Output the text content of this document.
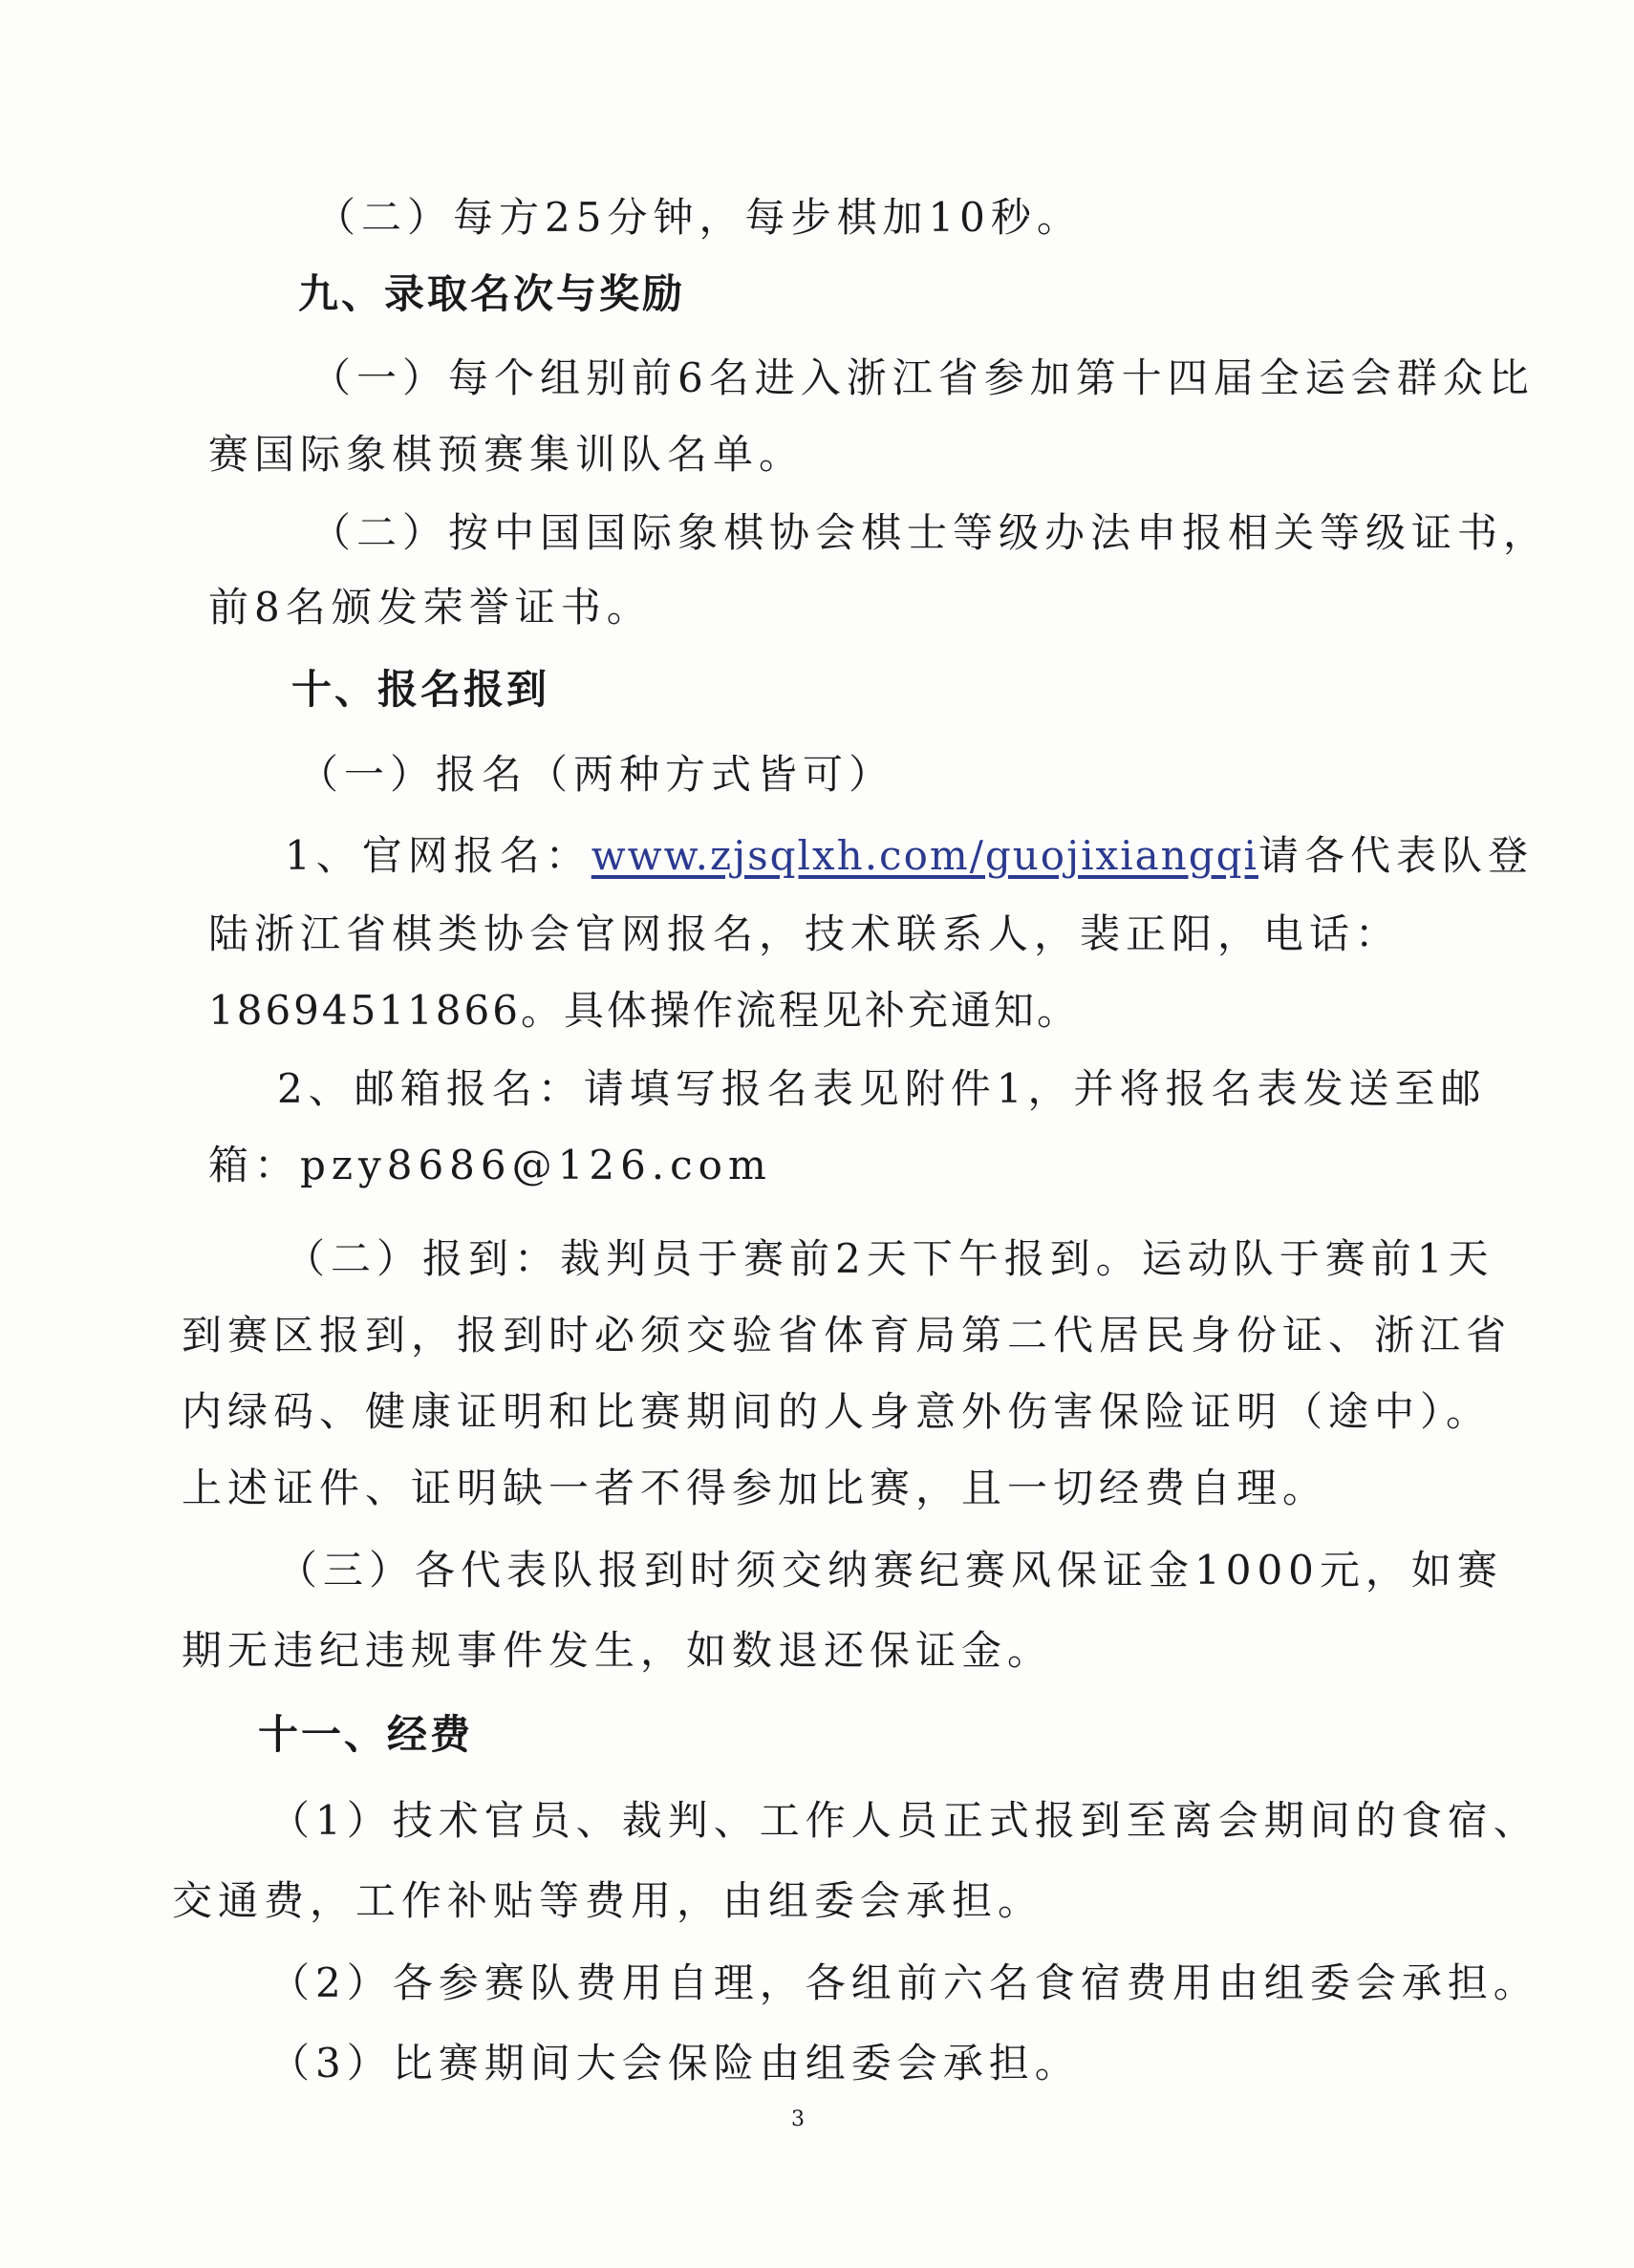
（二）每方25分钟，每步棋加10秒。
九、录取名次与奖励
（一）每个组别前6名进入浙江省参加第十四届全运会群众比
赛国际象棋预赛集训队名单。
（二）按中国国际象棋协会棋士等级办法申报相关等级证书，
前8名颁发荣誉证书。
十、报名报到
（一）报名（两种方式皆可）
1、官网报名：www.zjsqlxh.com/guojixiangqi请各代表队登
陆浙江省棋类协会官网报名，技术联系人，裴正阳，电话：
18694511866。具体操作流程见补充通知。
2、邮箱报名：请填写报名表见附件1，并将报名表发送至邮
箱：pzy8686@126.com
（二）报到：裁判员于赛前2天下午报到。运动队于赛前1天
到赛区报到，报到时必须交验省体育局第二代居民身份证、浙江省
内绿码、健康证明和比赛期间的人身意外伤害保险证明（途中）。
上述证件、证明缺一者不得参加比赛，且一切经费自理。
（三）各代表队报到时须交纳赛纪赛风保证金1000元，如赛
期无违纪违规事件发生，如数退还保证金。
十一、经费
（1）技术官员、裁判、工作人员正式报到至离会期间的食宿、
交通费，工作补贴等费用，由组委会承担。
（2）各参赛队费用自理，各组前六名食宿费用由组委会承担。
（3）比赛期间大会保险由组委会承担。
3
